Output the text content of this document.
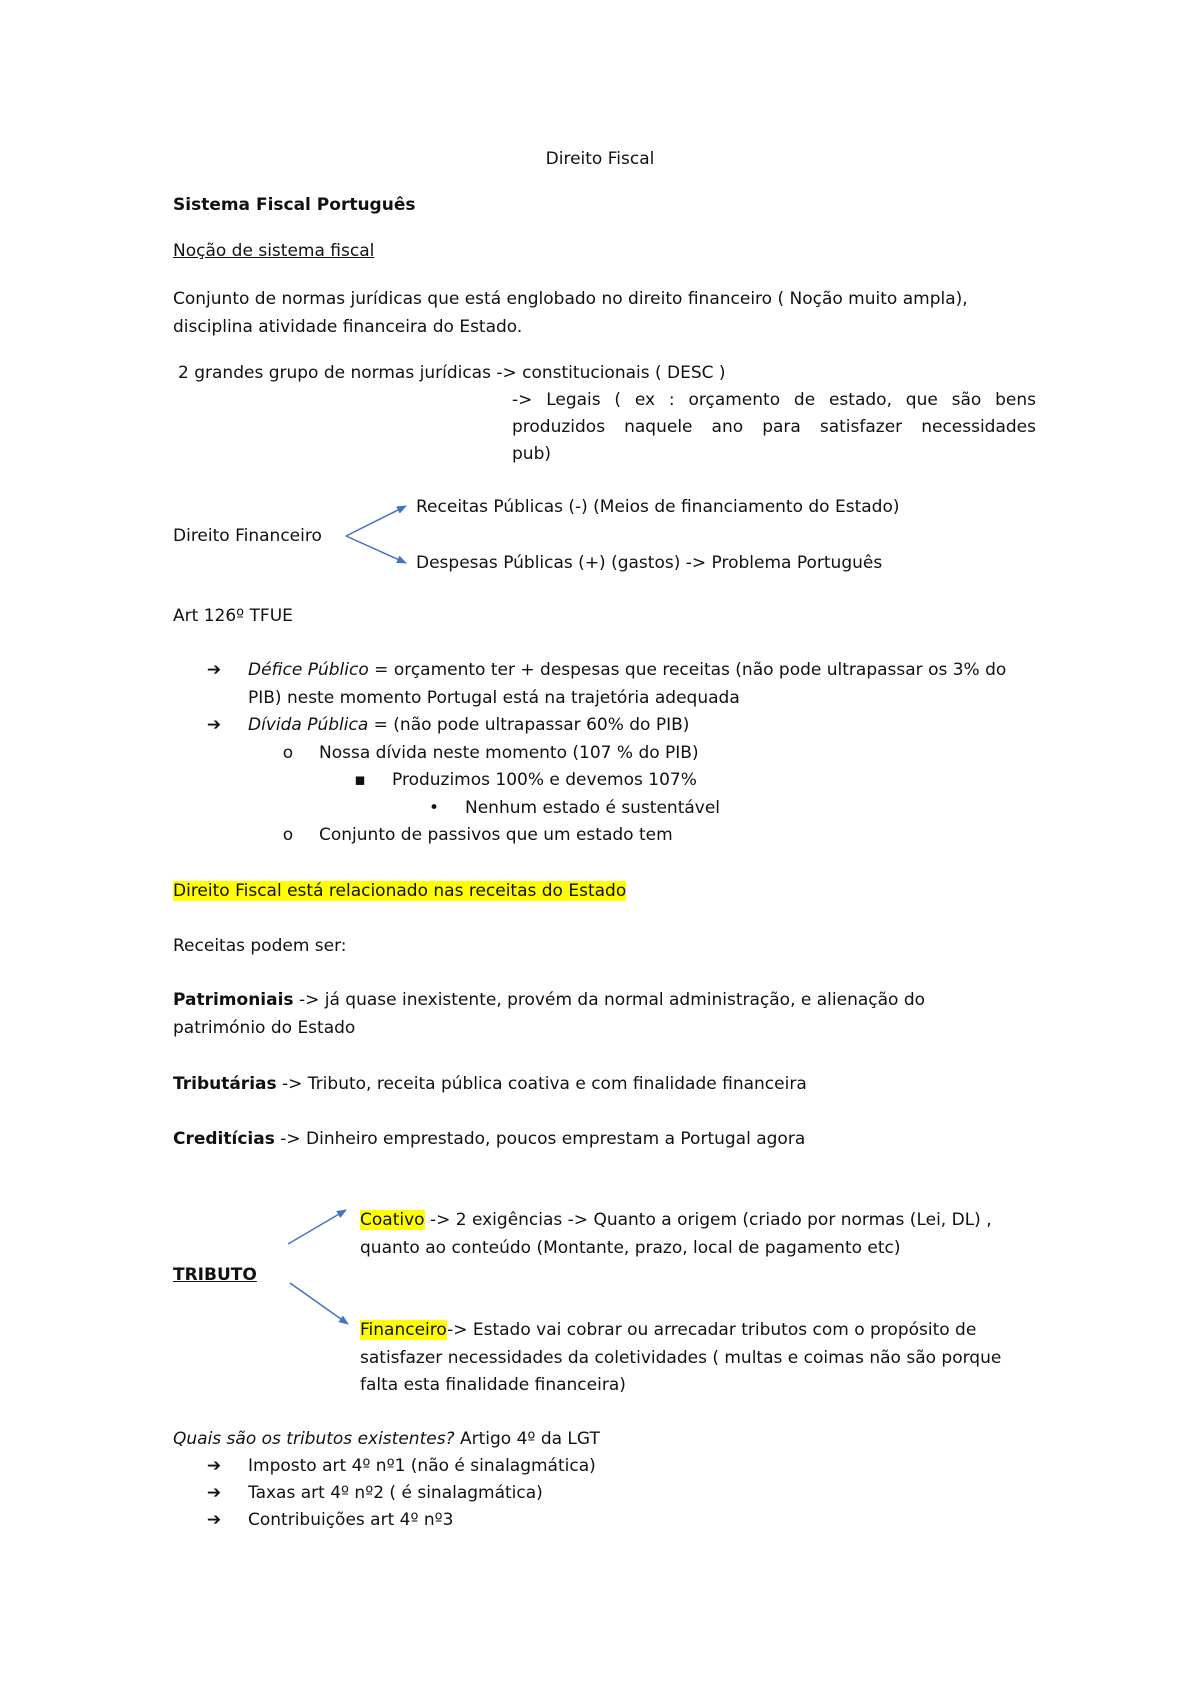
Direito Fiscal
Sistema Fiscal Português
Noção de sistema fiscal
Conjunto de normas jurídicas que está englobado no direito financeiro ( Noção muito ampla),
disciplina atividade financeira do Estado.
2 grandes grupo de normas jurídicas -> constitucionais ( DESC )
-> Legais ( ex : orçamento de estado, que são bens
produzidos naquele ano para satisfazer necessidades
pub)
Receitas Públicas (-) (Meios de financiamento do Estado)
Direito Financeiro
Despesas Públicas (+) (gastos) -> Problema Português
Art 126º TFUE
➔ Défice Público = orçamento ter + despesas que receitas (não pode ultrapassar os 3% do
PIB) neste momento Portugal está na trajetória adequada
➔ Dívida Pública = (não pode ultrapassar 60% do PIB)
o Nossa dívida neste momento (107 % do PIB)
▪ Produzimos 100% e devemos 107%
• Nenhum estado é sustentável
o Conjunto de passivos que um estado tem
Direito Fiscal está relacionado nas receitas do Estado
Receitas podem ser:
Patrimoniais -> já quase inexistente, provém da normal administração, e alienação do
património do Estado
Tributárias -> Tributo, receita pública coativa e com finalidade financeira
Creditícias -> Dinheiro emprestado, poucos emprestam a Portugal agora
Coativo -> 2 exigências -> Quanto a origem (criado por normas (Lei, DL) ,
quanto ao conteúdo (Montante, prazo, local de pagamento etc)
TRIBUTO
Financeiro-> Estado vai cobrar ou arrecadar tributos com o propósito de
satisfazer necessidades da coletividades ( multas e coimas não são porque
falta esta finalidade financeira)
Quais são os tributos existentes? Artigo 4º da LGT
➔ Imposto art 4º nº1 (não é sinalagmática)
➔ Taxas art 4º nº2 ( é sinalagmática)
➔ Contribuições art 4º nº3
